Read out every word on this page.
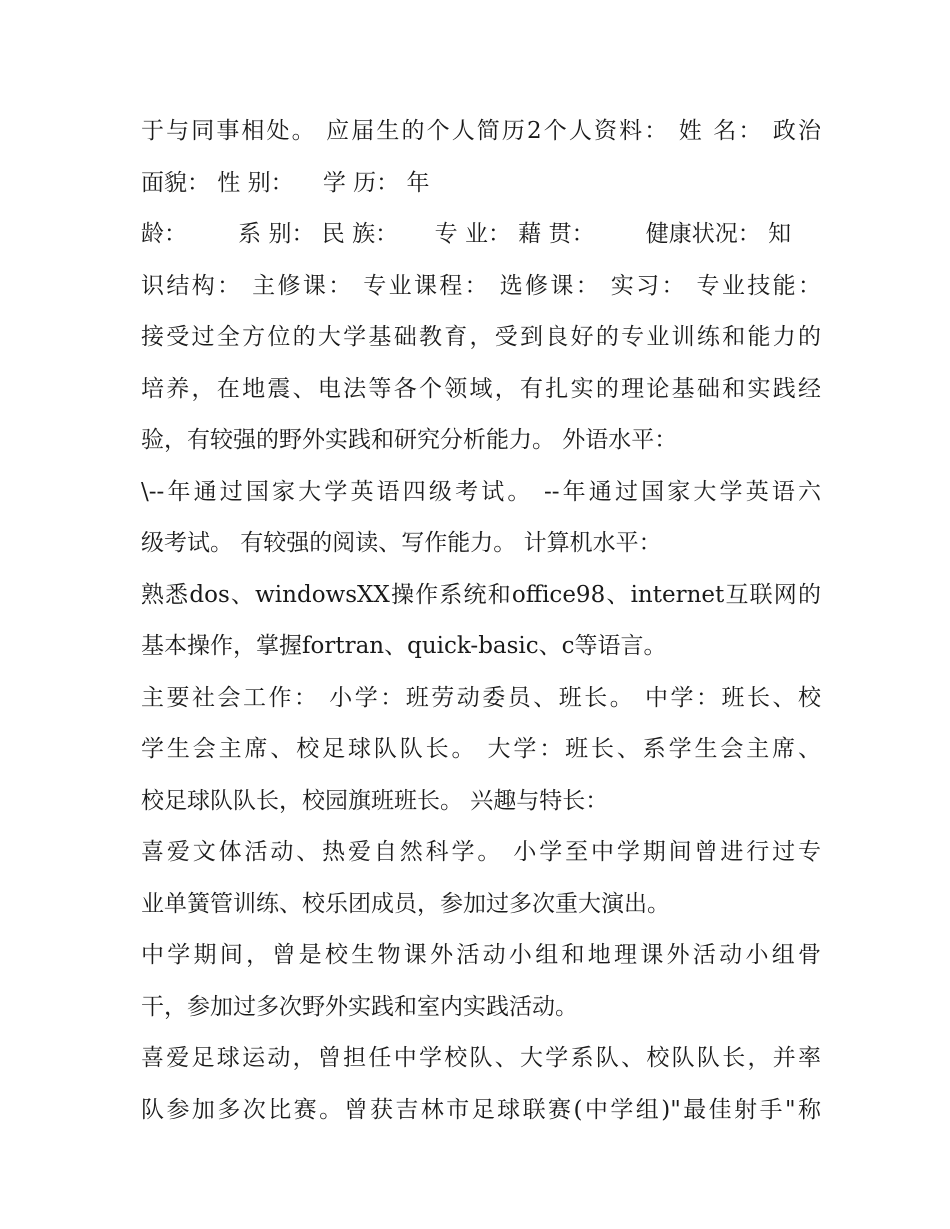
于与同事相处。 应届生的个人简历2个人资料： 姓 名： 政治
面貌： 性 别：    学 历： 年
龄：       系 别： 民 族：     专 业： 藉 贯：       健康状况： 知
识结构： 主修课： 专业课程： 选修课： 实习： 专业技能：
接受过全方位的大学基础教育，受到良好的专业训练和能力的
培养，在地震、电法等各个领域，有扎实的理论基础和实践经
验，有较强的野外实践和研究分析能力。 外语水平：
\--年通过国家大学英语四级考试。 --年通过国家大学英语六
级考试。 有较强的阅读、写作能力。 计算机水平：
熟悉dos、windowsXX操作系统和office98、internet互联网的
基本操作，掌握fortran、quick-basic、c等语言。
主要社会工作： 小学：班劳动委员、班长。 中学：班长、校
学生会主席、校足球队队长。 大学：班长、系学生会主席、
校足球队队长，校园旗班班长。 兴趣与特长：
喜爱文体活动、热爱自然科学。 小学至中学期间曾进行过专
业单簧管训练、校乐团成员，参加过多次重大演出。
中学期间，曾是校生物课外活动小组和地理课外活动小组骨
干，参加过多次野外实践和室内实践活动。
喜爱足球运动，曾担任中学校队、大学系队、校队队长，并率
队参加多次比赛。曾获吉林市足球联赛(中学组)"最佳射手"称
